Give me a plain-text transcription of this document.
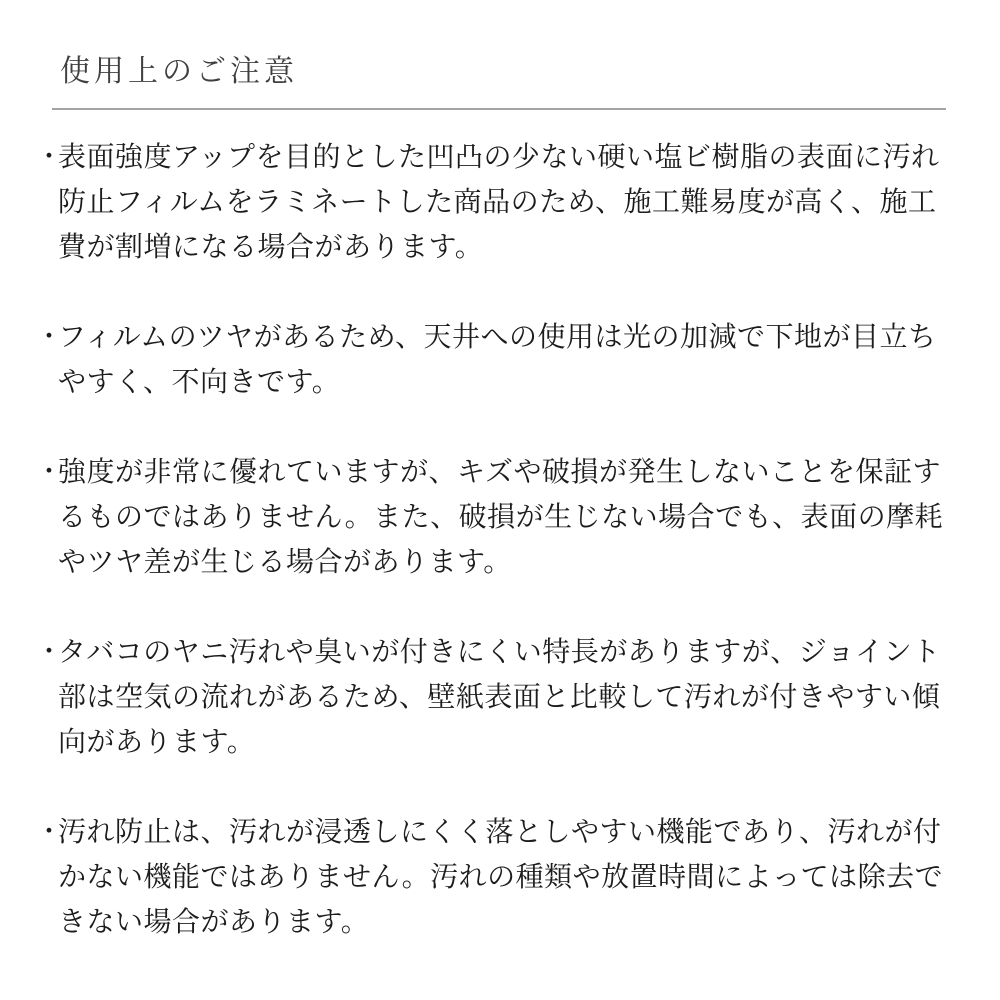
使用上のご注意
・
表面強度アップを目的とした凹凸の少ない硬い塩ビ樹脂の表面に汚れ防止フィルムをラミネートした商品のため、施工難易度が高く、施工費が割増になる場合があります。
・
フィルムのツヤがあるため、天井への使用は光の加減で下地が目立ちやすく、不向きです。
・
強度が非常に優れていますが、キズや破損が発生しないことを保証するものではありません。また、破損が生じない場合でも、表面の摩耗やツヤ差が生じる場合があります。
・
タバコのヤニ汚れや臭いが付きにくい特長がありますが、ジョイント部は空気の流れがあるため、壁紙表面と比較して汚れが付きやすい傾向があります。
・
汚れ防止は、汚れが浸透しにくく落としやすい機能であり、汚れが付かない機能ではありません。汚れの種類や放置時間によっては除去できない場合があります。
